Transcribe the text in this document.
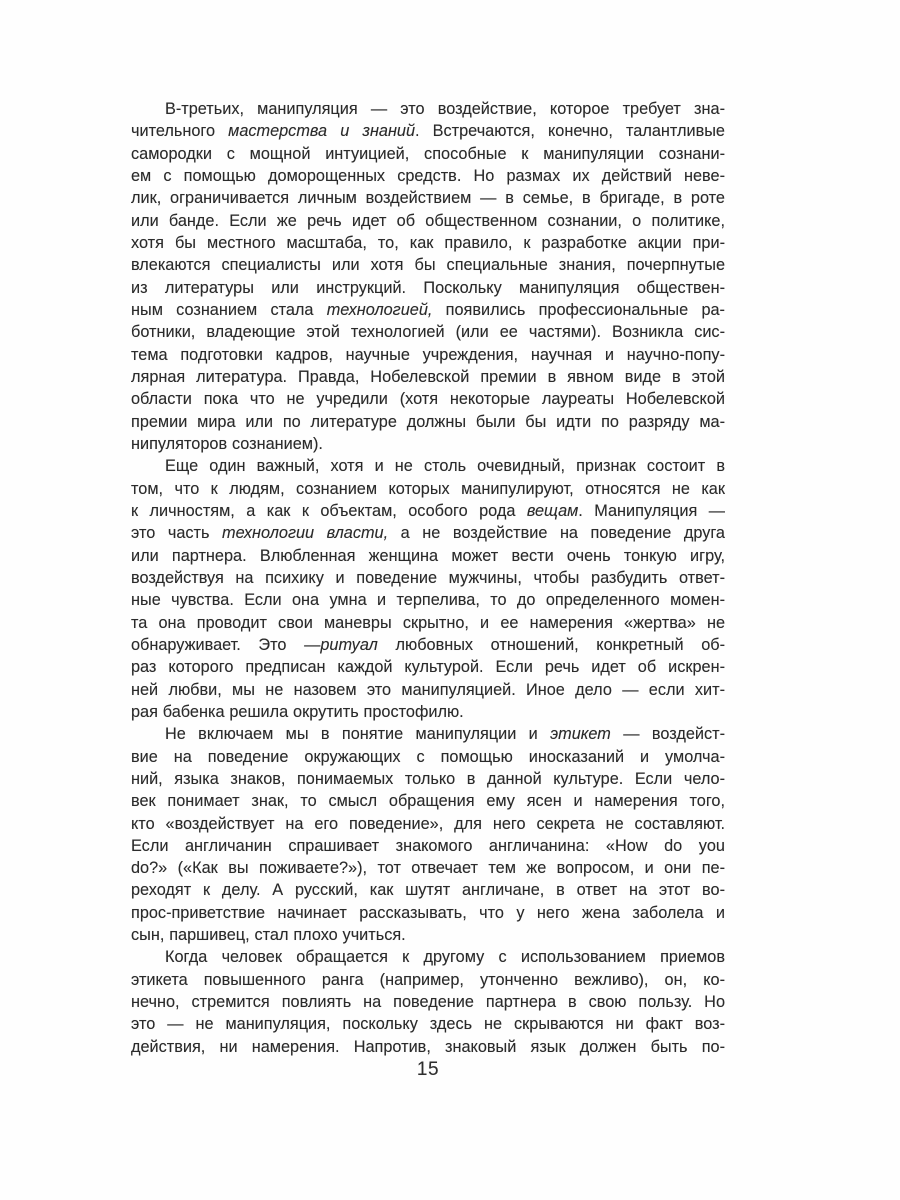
В-третьих, манипуляция — это воздействие, которое требует зна-
чительного мастерства и знаний. Встречаются, конечно, талантливые
самородки с мощной интуицией, способные к манипуляции сознани-
ем с помощью доморощенных средств. Но размах их действий неве-
лик, ограничивается личным воздействием — в семье, в бригаде, в роте
или банде. Если же речь идет об общественном сознании, о политике,
хотя бы местного масштаба, то, как правило, к разработке акции при-
влекаются специалисты или хотя бы специальные знания, почерпнутые
из литературы или инструкций. Поскольку манипуляция обществен-
ным сознанием стала технологией, появились профессиональные ра-
ботники, владеющие этой технологией (или ее частями). Возникла сис-
тема подготовки кадров, научные учреждения, научная и научно-попу-
лярная литература. Правда, Нобелевской премии в явном виде в этой
области пока что не учредили (хотя некоторые лауреаты Нобелевской
премии мира или по литературе должны были бы идти по разряду ма-
нипуляторов сознанием).
Еще один важный, хотя и не столь очевидный, признак состоит в
том, что к людям, сознанием которых манипулируют, относятся не как
к личностям, а как к объектам, особого рода вещам. Манипуляция —
это часть технологии власти, а не воздействие на поведение друга
или партнера. Влюбленная женщина может вести очень тонкую игру,
воздействуя на психику и поведение мужчины, чтобы разбудить ответ-
ные чувства. Если она умна и терпелива, то до определенного момен-
та она проводит свои маневры скрытно, и ее намерения «жертва» не
обнаруживает. Это —ритуал любовных отношений, конкретный об-
раз которого предписан каждой культурой. Если речь идет об искрен-
ней любви, мы не назовем это манипуляцией. Иное дело — если хит-
рая бабенка решила окрутить простофилю.
Не включаем мы в понятие манипуляции и этикет — воздейст-
вие на поведение окружающих с помощью иносказаний и умолча-
ний, языка знаков, понимаемых только в данной культуре. Если чело-
век понимает знак, то смысл обращения ему ясен и намерения того,
кто «воздействует на его поведение», для него секрета не составляют.
Если англичанин спрашивает знакомого англичанина: «How do you
do?» («Как вы поживаете?»), тот отвечает тем же вопросом, и они пе-
реходят к делу. А русский, как шутят англичане, в ответ на этот во-
прос-приветствие начинает рассказывать, что у него жена заболела и
сын, паршивец, стал плохо учиться.
Когда человек обращается к другому с использованием приемов
этикета повышенного ранга (например, утонченно вежливо), он, ко-
нечно, стремится повлиять на поведение партнера в свою пользу. Но
это — не манипуляция, поскольку здесь не скрываются ни факт воз-
действия, ни намерения. Напротив, знаковый язык должен быть по-
15
